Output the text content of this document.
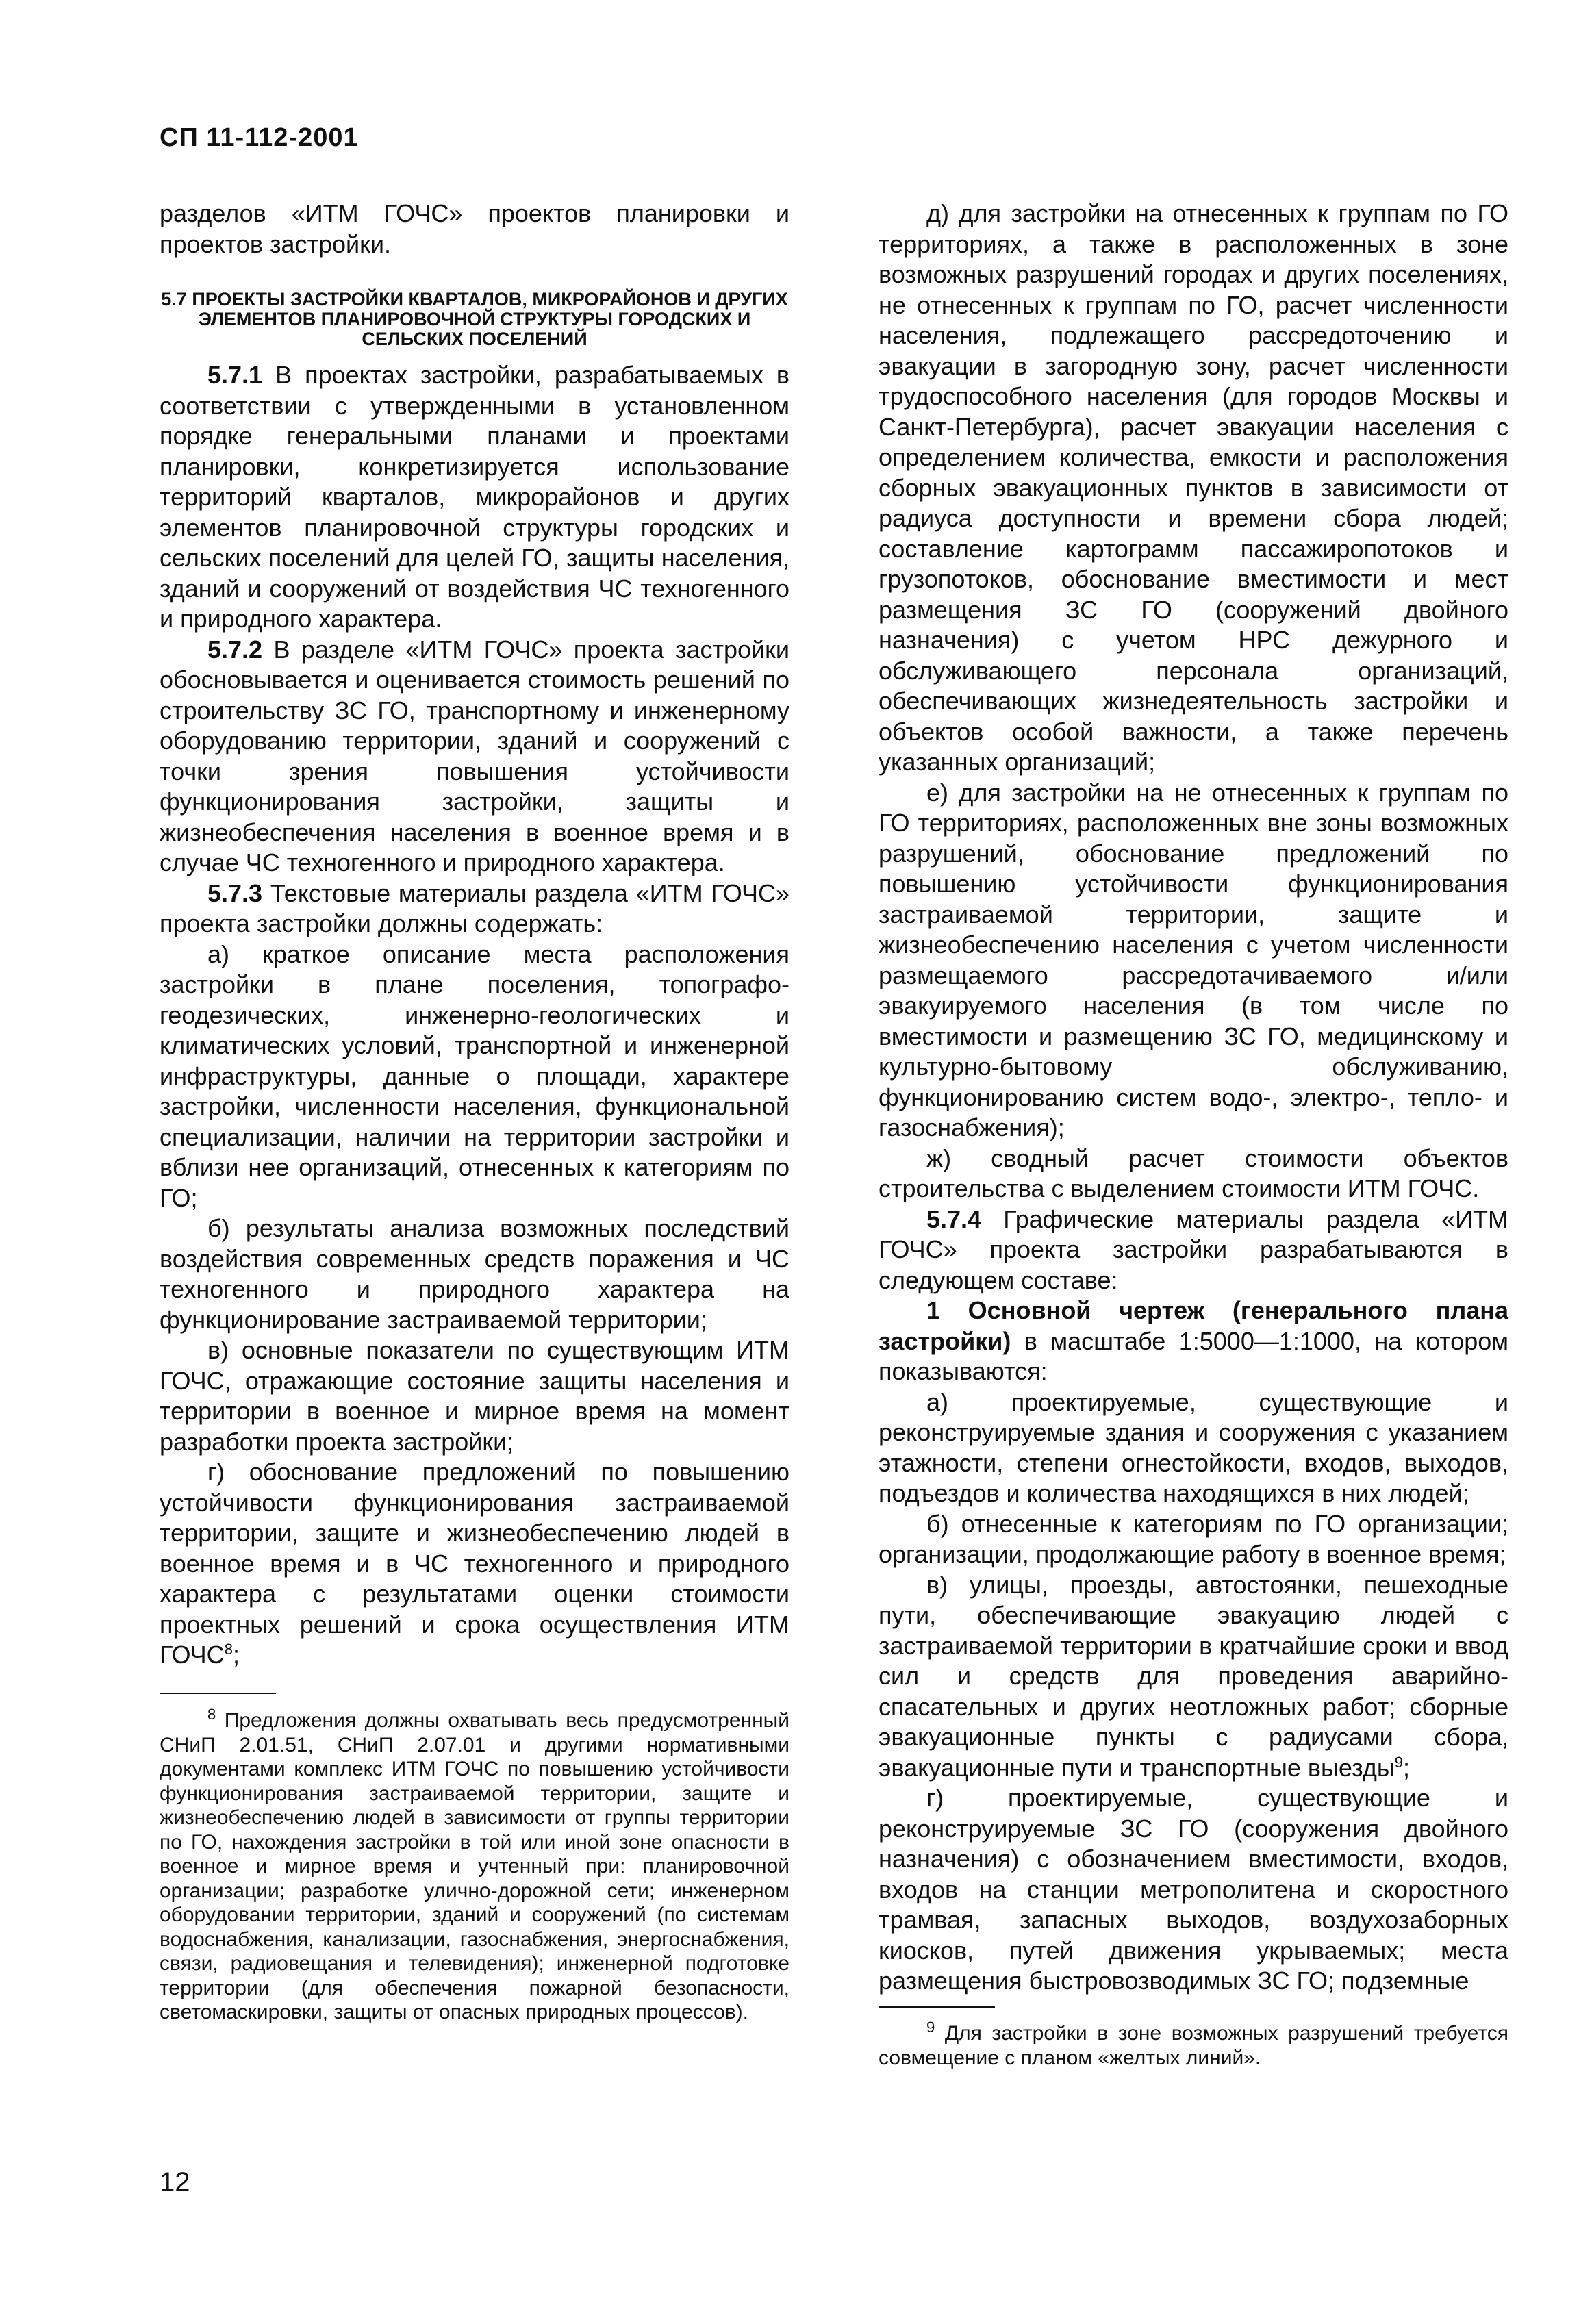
СП 11-112-2001

разделов «ИТМ ГОЧС» проектов планировки и проектов застройки.

5.7 ПРОЕКТЫ ЗАСТРОЙКИ КВАРТАЛОВ, МИКРОРАЙОНОВ И ДРУГИХ ЭЛЕМЕНТОВ ПЛАНИРОВОЧНОЙ СТРУКТУРЫ ГОРОДСКИХ И СЕЛЬСКИХ ПОСЕЛЕНИЙ

5.7.1 В проектах застройки, разрабатываемых в соответствии с утвержденными в установленном порядке генеральными планами и проектами планировки, конкретизируется использование территорий кварталов, микрорайонов и других элементов планировочной структуры городских и сельских поселений для целей ГО, защиты населения, зданий и сооружений от воздействия ЧС техногенного и природного характера.

5.7.2 В разделе «ИТМ ГОЧС» проекта застройки обосновывается и оценивается стоимость решений по строительству ЗС ГО, транспортному и инженерному оборудованию территории, зданий и сооружений с точки зрения повышения устойчивости функционирования застройки, защиты и жизнеобеспечения населения в военное время и в случае ЧС техногенного и природного характера.

5.7.3 Текстовые материалы раздела «ИТМ ГОЧС» проекта застройки должны содержать:

а) краткое описание места расположения застройки в плане поселения, топографо-геодезических, инженерно-геологических и климатических условий, транспортной и инженерной инфраструктуры, данные о площади, характере застройки, численности населения, функциональной специализации, наличии на территории застройки и вблизи нее организаций, отнесенных к категориям по ГО;

б) результаты анализа возможных последствий воздействия современных средств поражения и ЧС техногенного и природного характера на функционирование застраиваемой территории;

в) основные показатели по существующим ИТМ ГОЧС, отражающие состояние защиты населения и территории в военное и мирное время на момент разработки проекта застройки;

г) обоснование предложений по повышению устойчивости функционирования застраиваемой территории, защите и жизнеобеспечению людей в военное время и в ЧС техногенного и природного характера с результатами оценки стоимости проектных решений и срока осуществления ИТМ ГОЧС$^8$;

$^8$ Предложения должны охватывать весь предусмотренный СНиП 2.01.51, СНиП 2.07.01 и другими нормативными документами комплекс ИТМ ГОЧС по повышению устойчивости функционирования застраиваемой территории, защите и жизнеобеспечению людей в зависимости от группы территории по ГО, нахождения застройки в той или иной зоне опасности в военное и мирное время и учтенный при: планировочной организации; разработке улично-дорожной сети; инженерном оборудовании территории, зданий и сооружений (по системам водоснабжения, канализации, газоснабжения, энергоснабжения, связи, радиовещания и телевидения); инженерной подготовке территории (для обеспечения пожарной безопасности, светомаскировки, защиты от опасных природных процессов).

д) для застройки на отнесенных к группам по ГО территориях, а также в расположенных в зоне возможных разрушений городах и других поселениях, не отнесенных к группам по ГО, расчет численности населения, подлежащего рассредоточению и эвакуации в загородную зону, расчет численности трудоспособного населения (для городов Москвы и Санкт-Петербурга), расчет эвакуации населения с определением количества, емкости и расположения сборных эвакуационных пунктов в зависимости от радиуса доступности и времени сбора людей; составление картограмм пассажиропотоков и грузопотоков, обоснование вместимости и мест размещения ЗС ГО (сооружений двойного назначения) с учетом НРС дежурного и обслуживающего персонала организаций, обеспечивающих жизнедеятельность застройки и объектов особой важности, а также перечень указанных организаций;

е) для застройки на не отнесенных к группам по ГО территориях, расположенных вне зоны возможных разрушений, обоснование предложений по повышению устойчивости функционирования застраиваемой территории, защите и жизнеобеспечению населения с учетом численности размещаемого рассредотачиваемого и/или эвакуируемого населения (в том числе по вместимости и размещению ЗС ГО, медицинскому и культурно-бытовому обслуживанию, функционированию систем водо-, электро-, тепло- и газоснабжения);

ж) сводный расчет стоимости объектов строительства с выделением стоимости ИТМ ГОЧС.

5.7.4 Графические материалы раздела «ИТМ ГОЧС» проекта застройки разрабатываются в следующем составе:

1 Основной чертеж (генерального плана застройки) в масштабе 1:5000—1:1000, на котором показываются:

а) проектируемые, существующие и реконструируемые здания и сооружения с указанием этажности, степени огнестойкости, входов, выходов, подъездов и количества находящихся в них людей;

б) отнесенные к категориям по ГО организации; организации, продолжающие работу в военное время;

в) улицы, проезды, автостоянки, пешеходные пути, обеспечивающие эвакуацию людей с застраиваемой территории в кратчайшие сроки и ввод сил и средств для проведения аварийно-спасательных и других неотложных работ; сборные эвакуационные пункты с радиусами сбора, эвакуационные пути и транспортные выезды$^9$;

г) проектируемые, существующие и реконструируемые ЗС ГО (сооружения двойного назначения) с обозначением вместимости, входов, входов на станции метрополитена и скоростного трамвая, запасных выходов, воздухозаборных киосков, путей движения укрываемых; места размещения быстровозводимых ЗС ГО; подземные

$^9$ Для застройки в зоне возможных разрушений требуется совмещение с планом «желтых линий».

12
